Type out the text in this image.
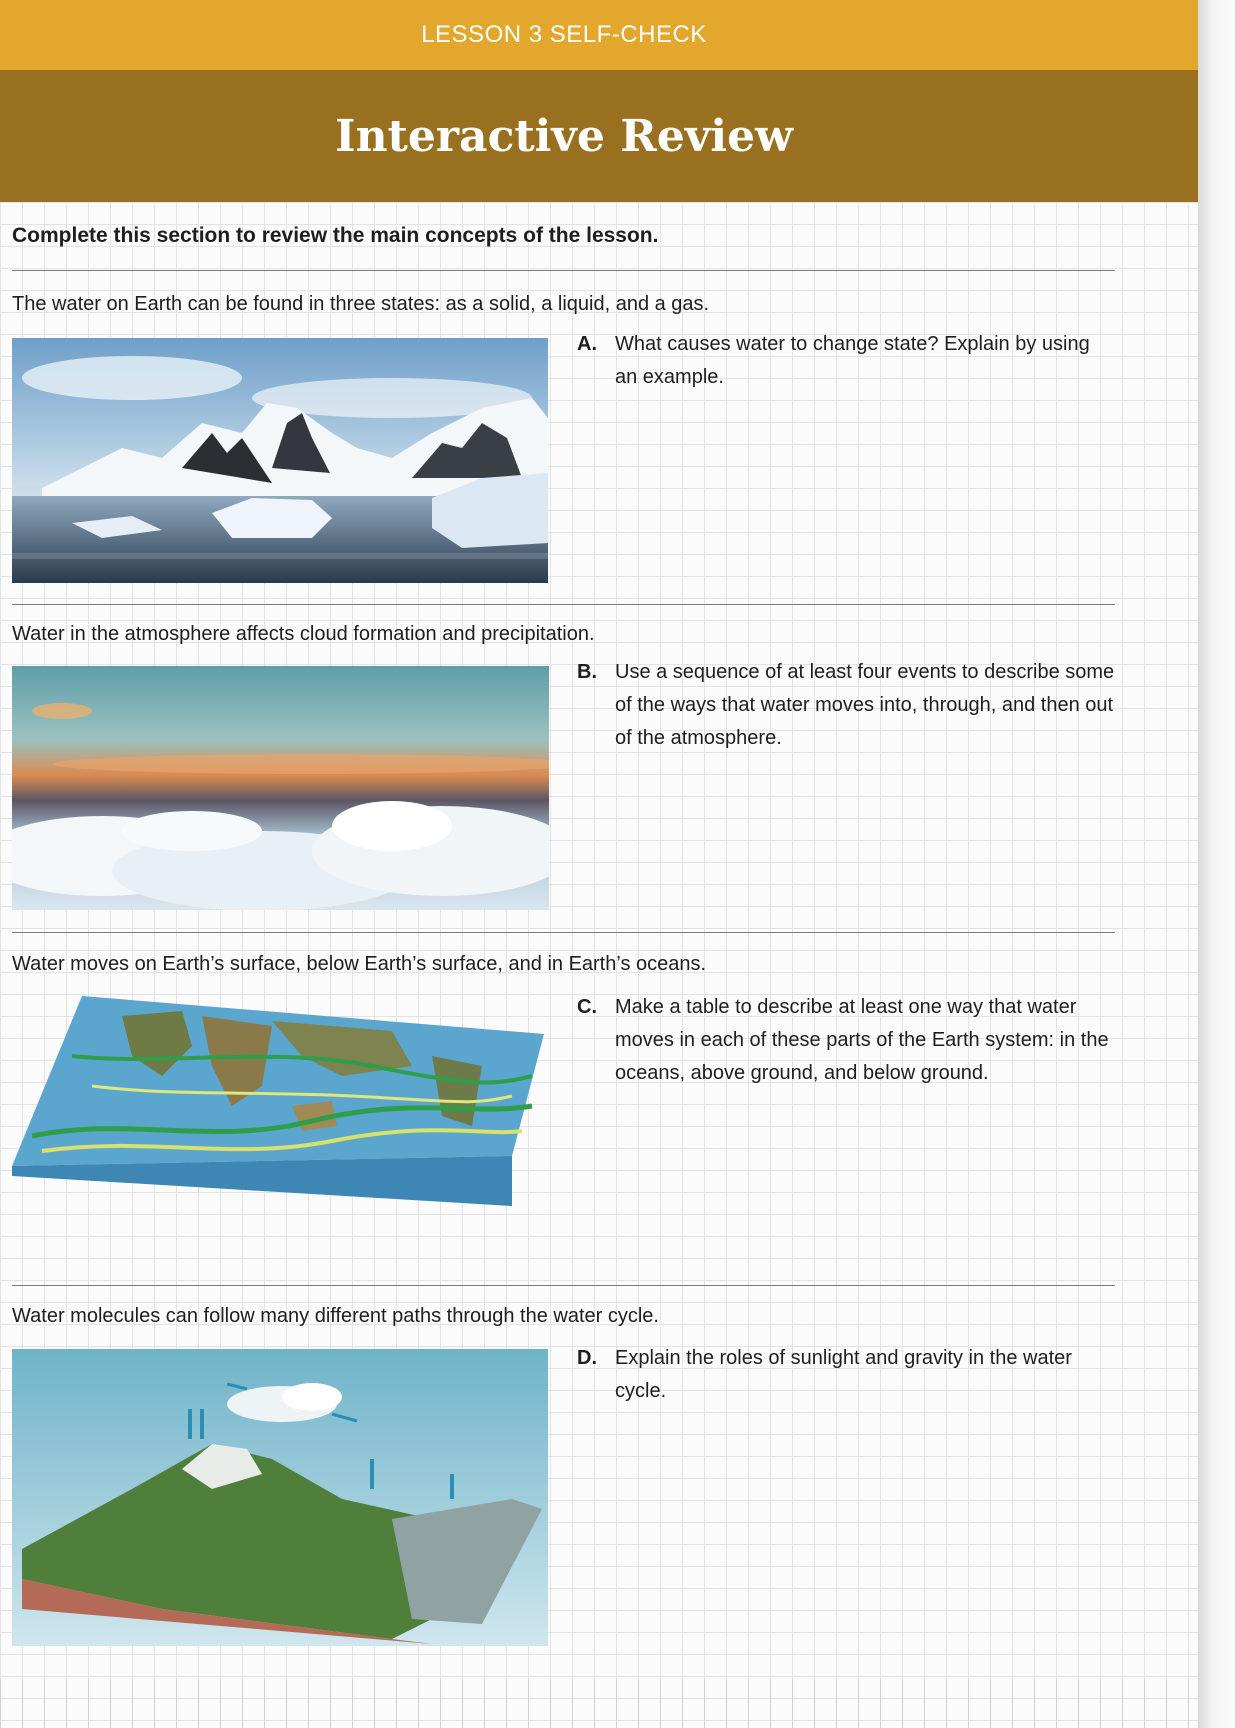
LESSON 3 SELF-CHECK
Interactive Review
Complete this section to review the main concepts of the lesson.
The water on Earth can be found in three states: as a solid, a liquid, and a gas.
A. What causes water to change state? Explain by using an example.
Water in the atmosphere affects cloud formation and precipitation.
B. Use a sequence of at least four events to describe some of the ways that water moves into, through, and then out of the atmosphere.
Water moves on Earth’s surface, below Earth’s surface, and in Earth’s oceans.
C. Make a table to describe at least one way that water moves in each of these parts of the Earth system: in the oceans, above ground, and below ground.
Water molecules can follow many different paths through the water cycle.
D. Explain the roles of sunlight and gravity in the water cycle.
